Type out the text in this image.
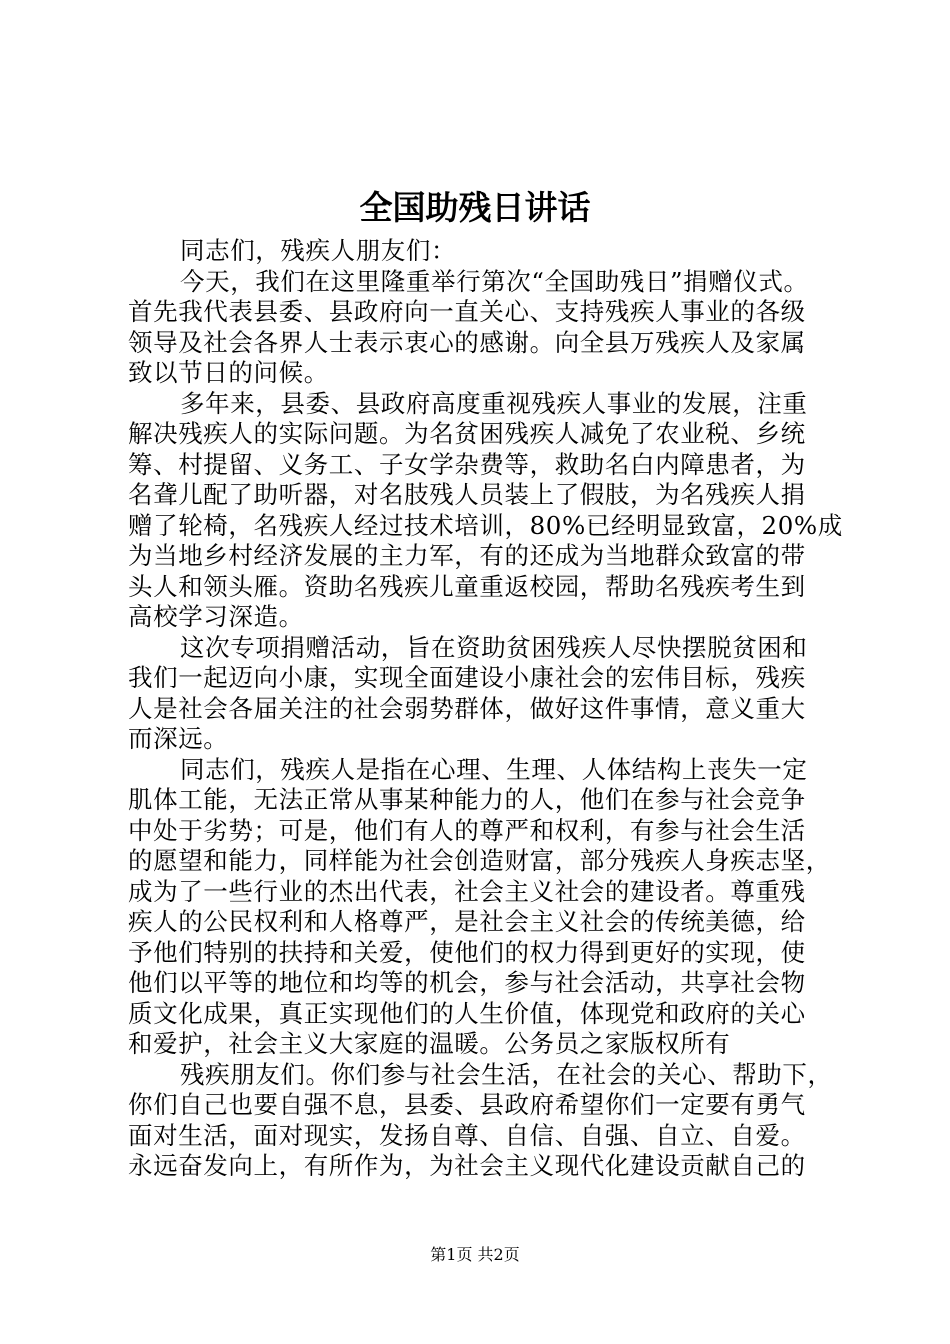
全国助残日讲话
同志们，残疾人朋友们：
今天，我们在这里隆重举行第次“全国助残日”捐赠仪式。
首先我代表县委、县政府向一直关心、支持残疾人事业的各级
领导及社会各界人士表示衷心的感谢。向全县万残疾人及家属
致以节日的问候。
多年来，县委、县政府高度重视残疾人事业的发展，注重
解决残疾人的实际问题。为名贫困残疾人减免了农业税、乡统
筹、村提留、义务工、子女学杂费等，救助名白内障患者，为
名聋儿配了助听器，对名肢残人员装上了假肢，为名残疾人捐
赠了轮椅，名残疾人经过技术培训，80%已经明显致富，20%成
为当地乡村经济发展的主力军，有的还成为当地群众致富的带
头人和领头雁。资助名残疾儿童重返校园，帮助名残疾考生到
高校学习深造。
这次专项捐赠活动，旨在资助贫困残疾人尽快摆脱贫困和
我们一起迈向小康，实现全面建设小康社会的宏伟目标，残疾
人是社会各届关注的社会弱势群体，做好这件事情，意义重大
而深远。
同志们，残疾人是指在心理、生理、人体结构上丧失一定
肌体工能，无法正常从事某种能力的人，他们在参与社会竞争
中处于劣势；可是，他们有人的尊严和权利，有参与社会生活
的愿望和能力，同样能为社会创造财富，部分残疾人身疾志坚，
成为了一些行业的杰出代表，社会主义社会的建设者。尊重残
疾人的公民权利和人格尊严，是社会主义社会的传统美德，给
予他们特别的扶持和关爱，使他们的权力得到更好的实现，使
他们以平等的地位和均等的机会，参与社会活动，共享社会物
质文化成果，真正实现他们的人生价值，体现党和政府的关心
和爱护，社会主义大家庭的温暖。公务员之家版权所有
残疾朋友们。你们参与社会生活，在社会的关心、帮助下，
你们自己也要自强不息，县委、县政府希望你们一定要有勇气
面对生活，面对现实，发扬自尊、自信、自强、自立、自爱。
永远奋发向上，有所作为，为社会主义现代化建设贡献自己的
第1页 共2页
